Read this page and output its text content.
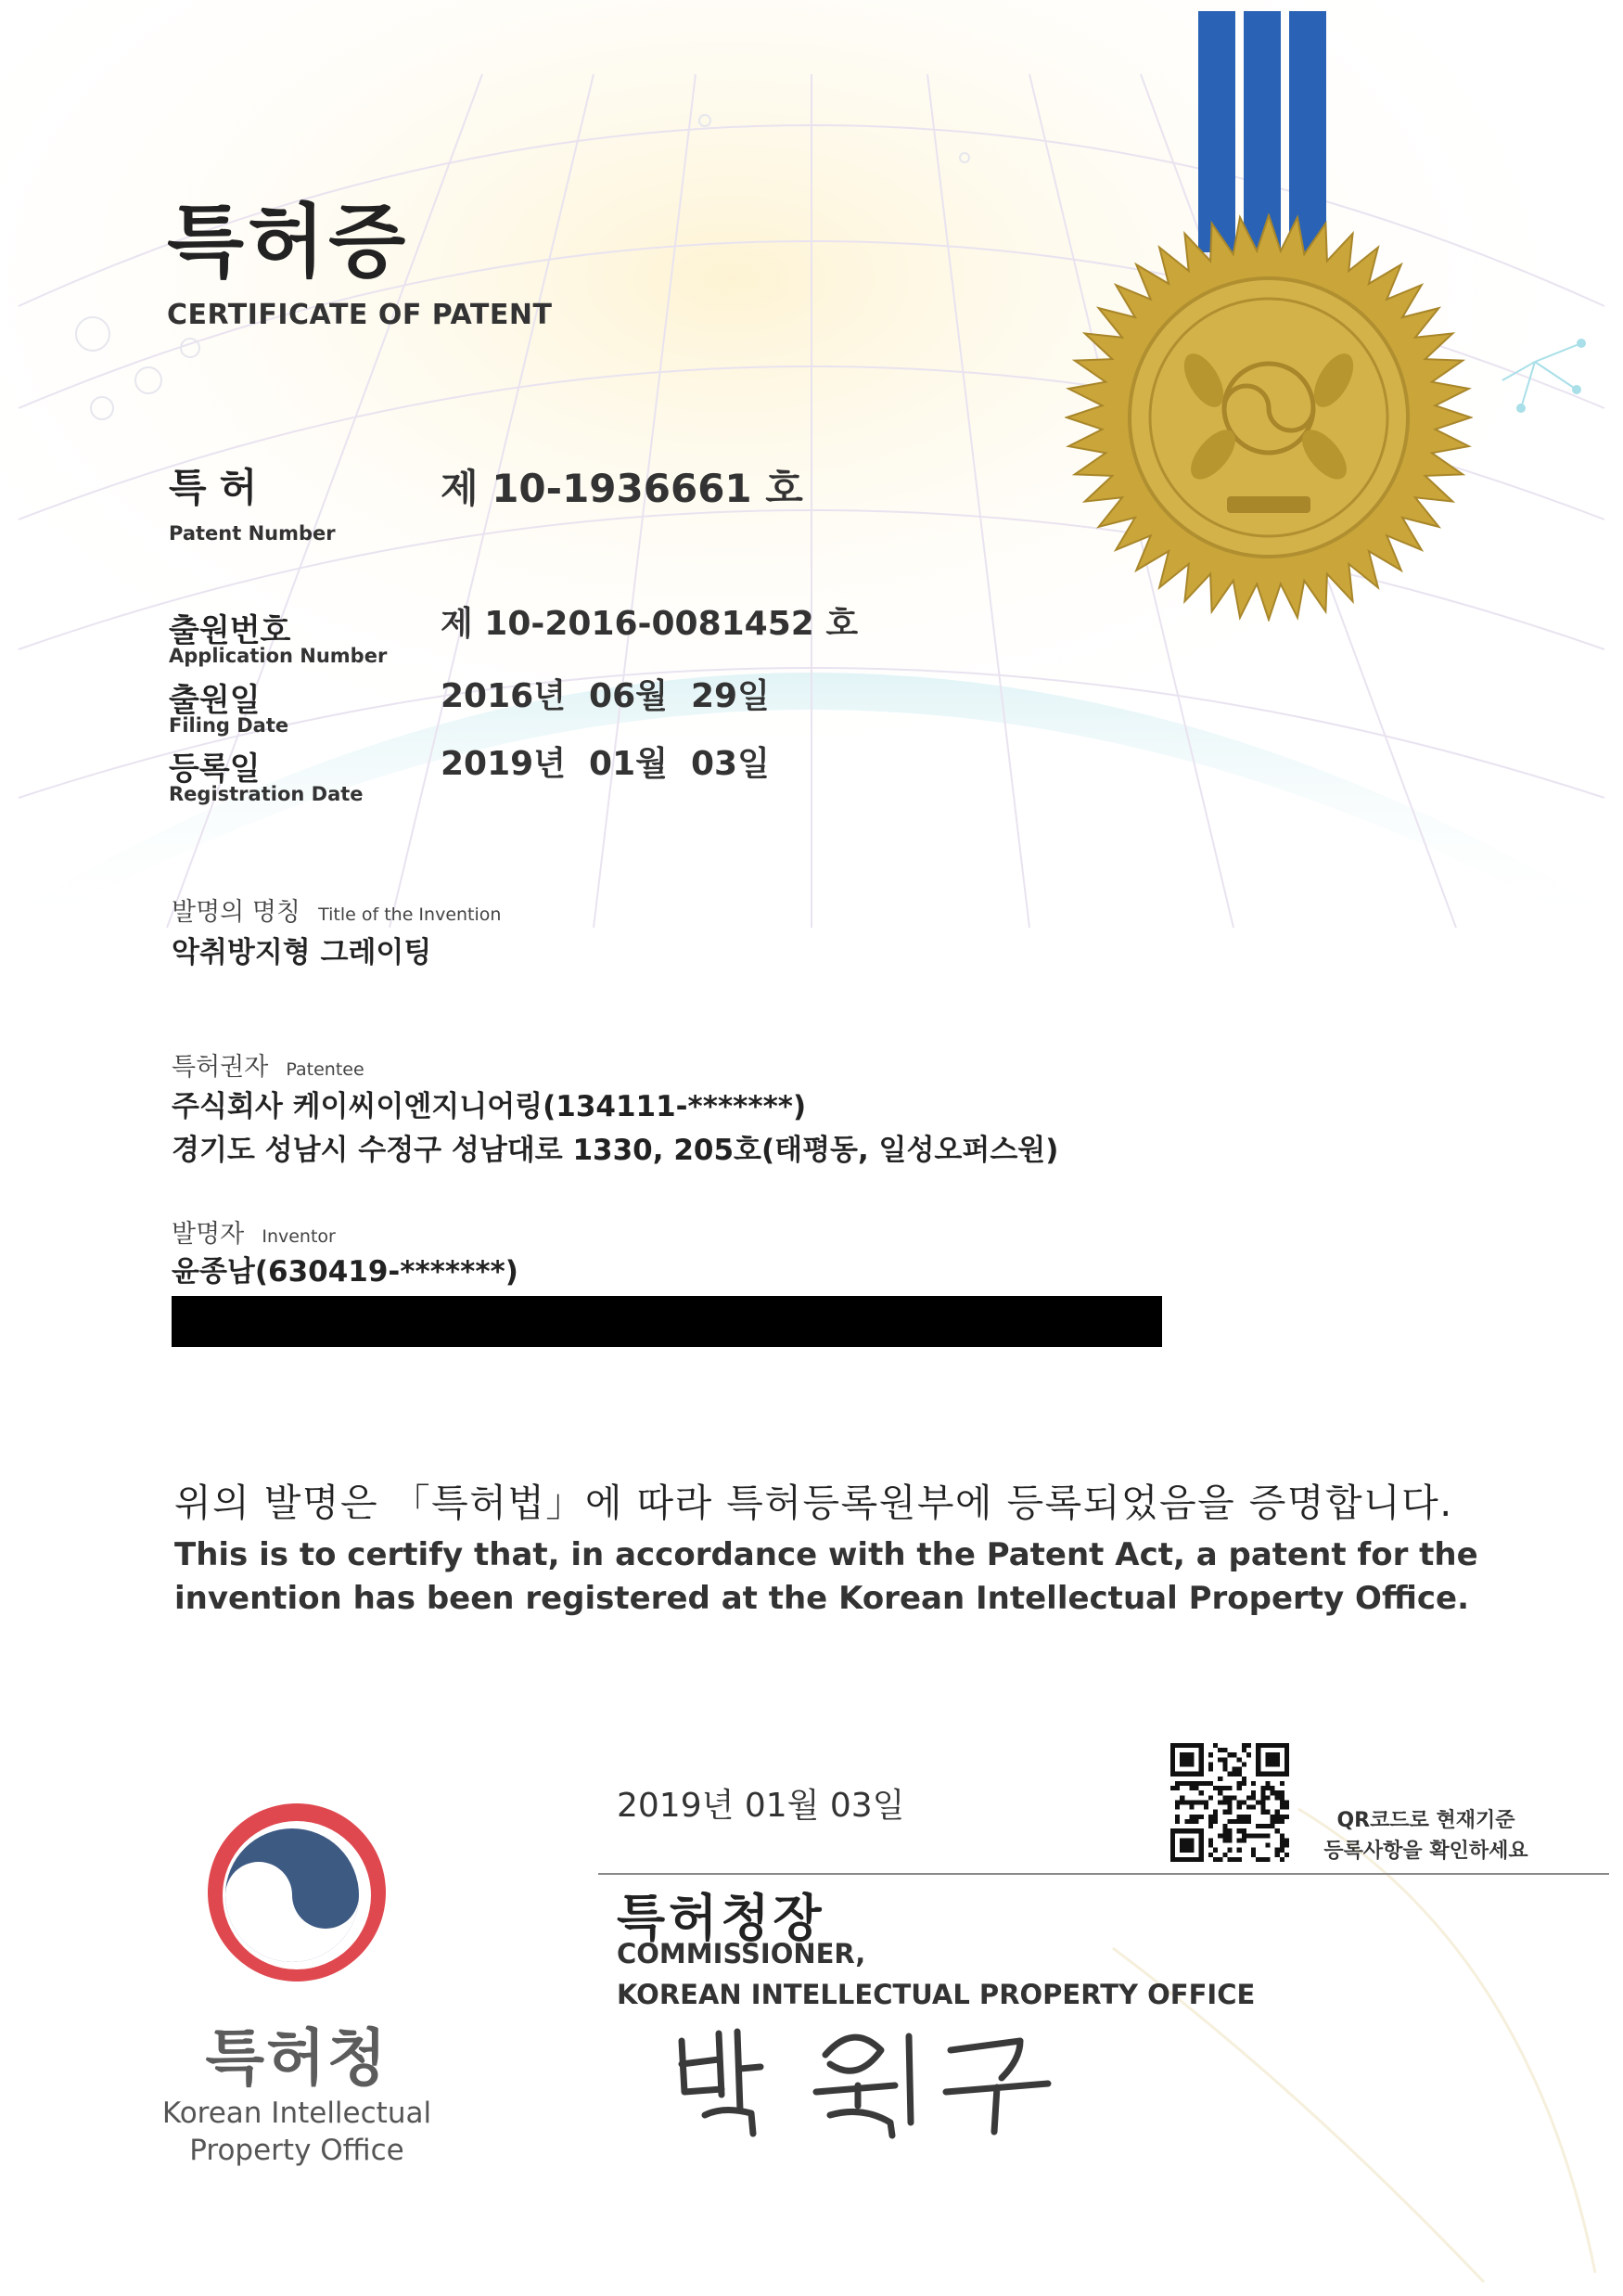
특허증
CERTIFICATE OF PATENT
특허
Patent Number
제 10-1936661 호
출원번호
Application Number
제 10-2016-0081452 호
출원일
Filing Date
2016년  06월  29일
등록일
Registration Date
2019년  01월  03일
발명의 명칭 Title of the Invention
악취방지형 그레이팅
특허권자 Patentee
주식회사 케이씨이엔지니어링(134111-*******)
경기도 성남시 수정구 성남대로 1330, 205호(태평동, 일성오퍼스원)
발명자 Inventor
윤종남(630419-*******)
위의 발명은 「특허법」에 따라 특허등록원부에 등록되었음을 증명합니다.
This is to certify that, in accordance with the Patent Act, a patent for the invention has been registered at the Korean Intellectual Property Office.
2019년 01월 03일
특허청장
COMMISSIONER,
KOREAN INTELLECTUAL PROPERTY OFFICE
QR코드로 현재기준
등록사항을 확인하세요
특허청
Korean Intellectual
Property Office
